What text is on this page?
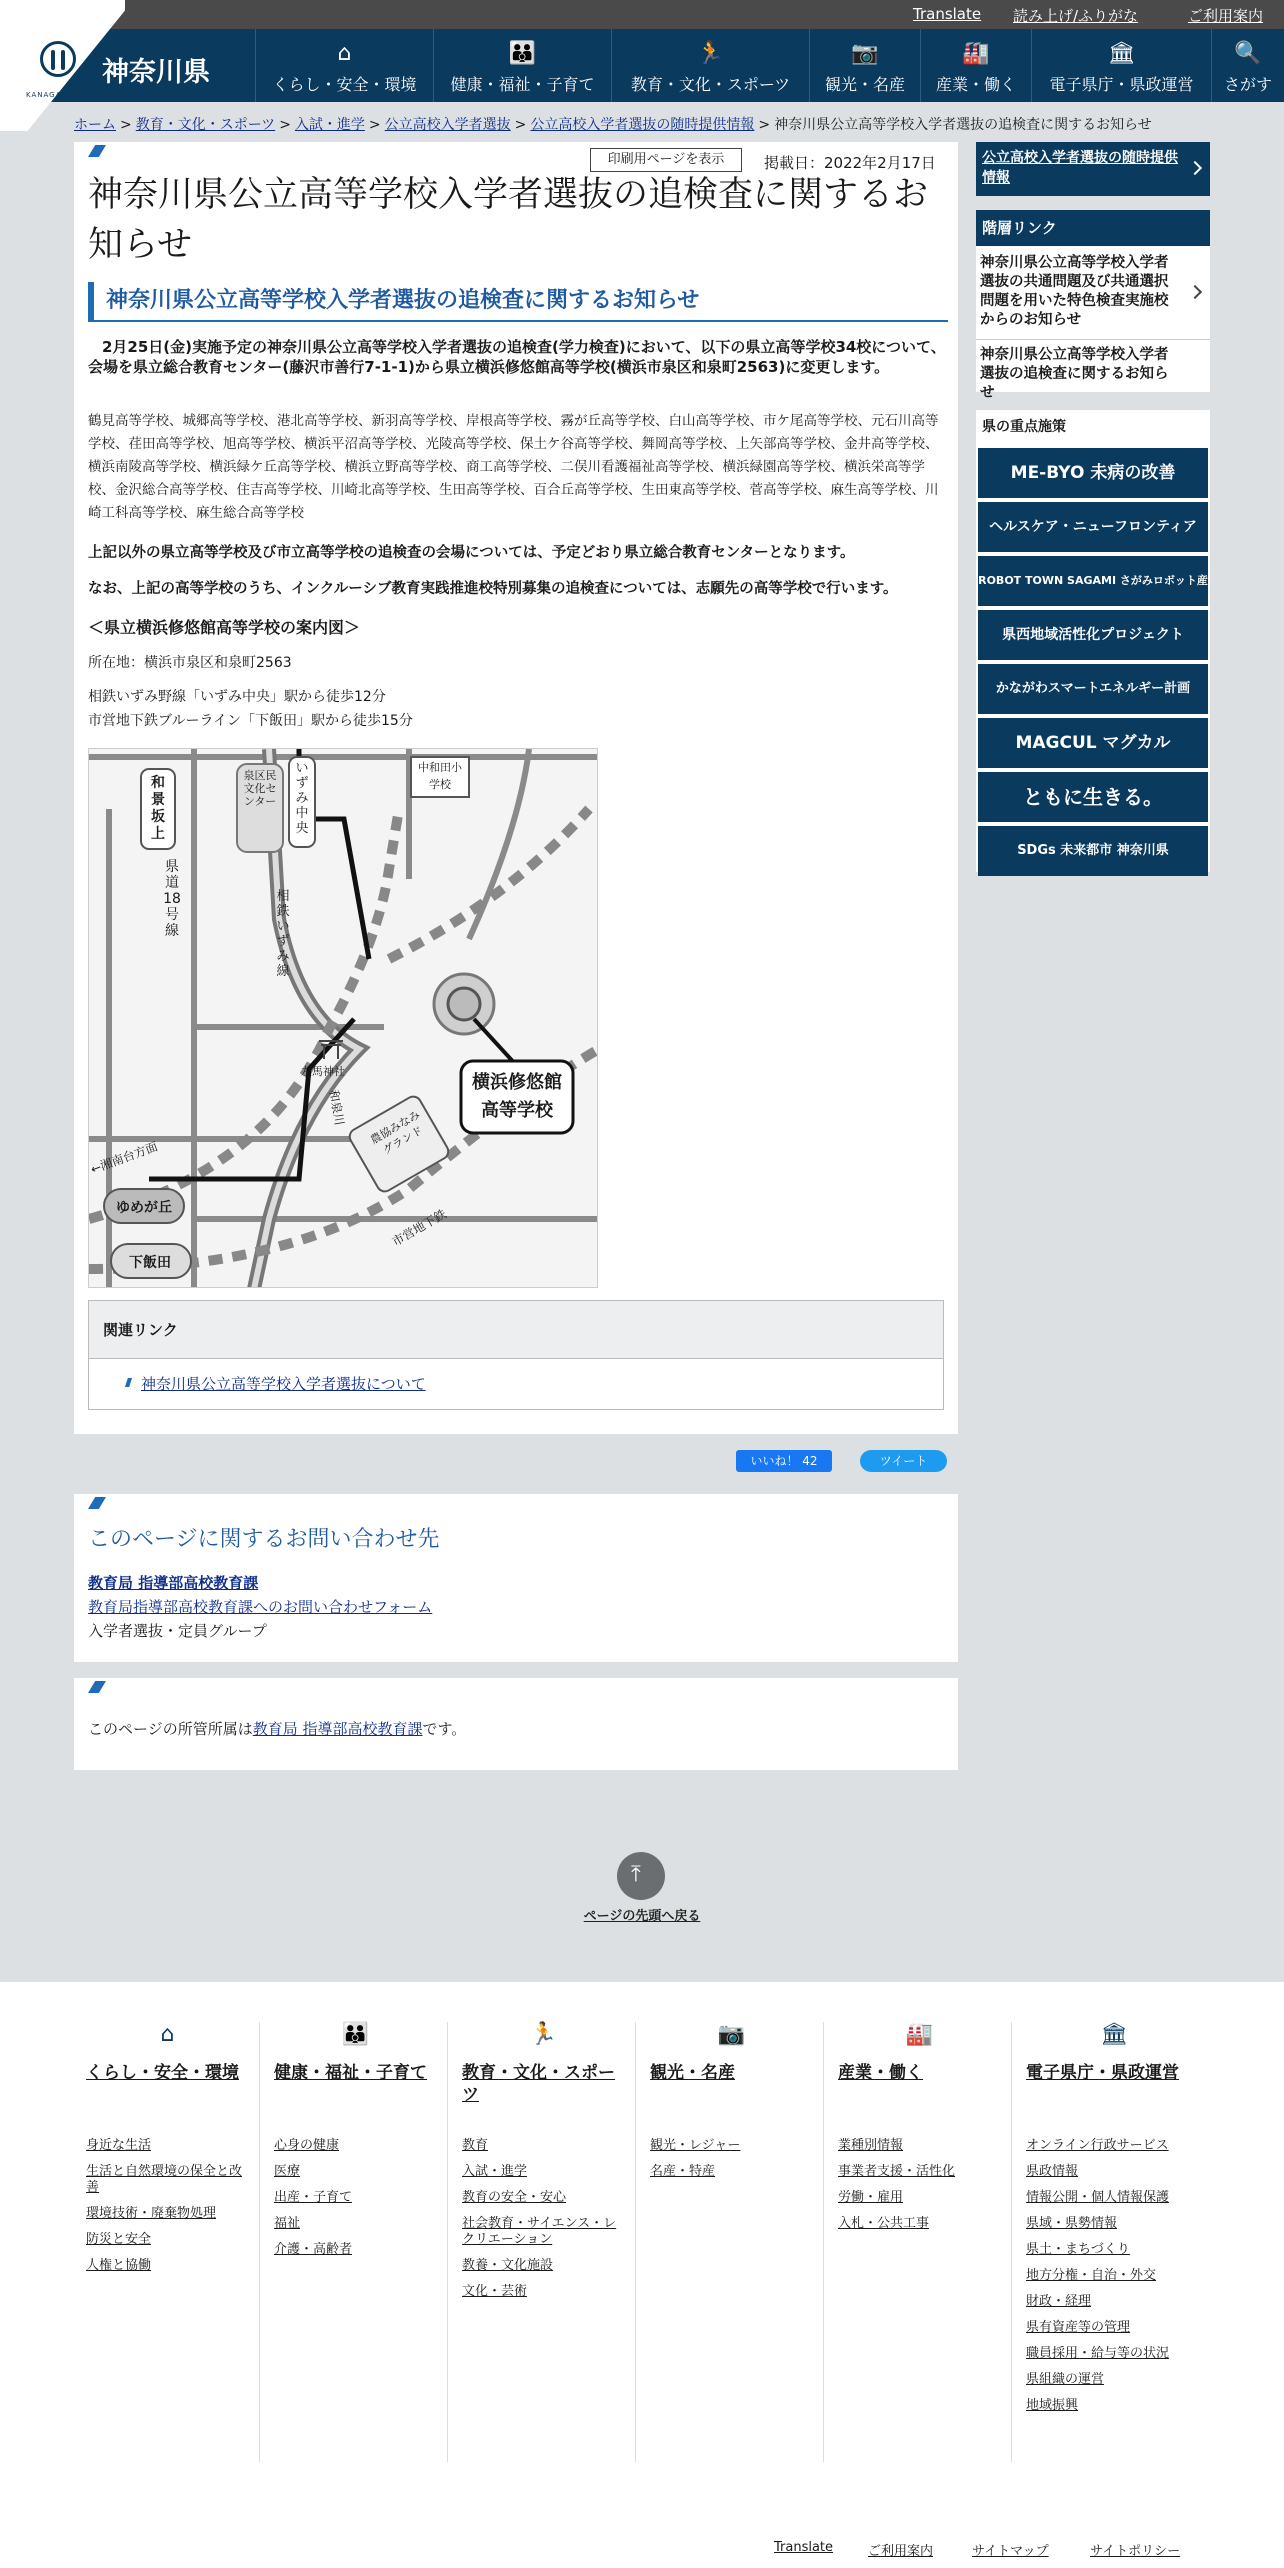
Translate 読み上げ/ふりがな	ご利用案内
KANAGAWA
神奈川県
⌂
くらし・安全・環境
👪
健康・福祉・子育て
🏃
教育・文化・スポーツ
📷
観光・名産
🏭
産業・働く
🏛
電子県庁・県政運営
🔍
さがす
ホーム > 教育・文化・スポーツ > 入試・進学 > 公立高校入学者選抜 > 公立高校入学者選抜の随時提供情報 > 神奈川県公立高等学校入学者選抜の追検査に関するお知らせ
印刷用ページを表示	掲載日：2022年2月17日
神奈川県公立高等学校入学者選抜の追検査に関するお知らせ
神奈川県公立高等学校入学者選抜の追検査に関するお知らせ
2月25日(金)実施予定の神奈川県公立高等学校入学者選抜の追検査(学力検査)において、以下の県立高等学校34校について、会場を県立総合教育センター(藤沢市善行7-1-1)から県立横浜修悠館高等学校(横浜市泉区和泉町2563)に変更します。
鶴見高等学校、城郷高等学校、港北高等学校、新羽高等学校、岸根高等学校、霧が丘高等学校、白山高等学校、市ケ尾高等学校、元石川高等学校、荏田高等学校、旭高等学校、横浜平沼高等学校、光陵高等学校、保土ケ谷高等学校、舞岡高等学校、上矢部高等学校、金井高等学校、横浜南陵高等学校、横浜緑ケ丘高等学校、横浜立野高等学校、商工高等学校、二俣川看護福祉高等学校、横浜緑園高等学校、横浜栄高等学校、金沢総合高等学校、住吉高等学校、川崎北高等学校、生田高等学校、百合丘高等学校、生田東高等学校、菅高等学校、麻生高等学校、川崎工科高等学校、麻生総合高等学校
上記以外の県立高等学校及び市立高等学校の追検査の会場については、予定どおり県立総合教育センターとなります。
なお、上記の高等学校のうち、インクルーシブ教育実践推進校特別募集の追検査については、志願先の高等学校で行います。
＜県立横浜修悠館高等学校の案内図＞
所在地：横浜市泉区和泉町2563
相鉄いずみ野線「いずみ中央」駅から徒歩12分
市営地下鉄ブルーライン「下飯田」駅から徒歩15分
和景坂上
県道18号線
泉区民文化センター
いずみ中央
中和田小学校
相鉄いずみ線
左馬神社
横浜修悠館高等学校
農協みなみグランド
和泉川
←湘南台方面
ゆめが丘
下飯田
市営地下鉄
関連リンク
神奈川県公立高等学校入学者選抜について
いいね！ 42	ツイート
このページに関するお問い合わせ先
教育局 指導部高校教育課
教育局指導部高校教育課へのお問い合わせフォーム
入学者選抜・定員グループ
このページの所管所属は教育局 指導部高校教育課です。
⤒
ページの先頭へ戻る
公立高校入学者選抜の随時提供情報
階層リンク
神奈川県公立高等学校入学者選抜の共通問題及び共通選択問題を用いた特色検査実施校からのお知らせ
神奈川県公立高等学校入学者選抜の追検査に関するお知らせ
県の重点施策
ME-BYO 未病の改善
ヘルスケア・ニューフロンティア
ROBOT TOWN SAGAMI さがみロボット産
県西地域活性化プロジェクト
かながわスマートエネルギー計画
MAGCUL マグカル
ともに生きる。
SDGs 未来都市 神奈川県
⌂
くらし・安全・環境
身近な生活
生活と自然環境の保全と改善
環境技術・廃棄物処理
防災と安全
人権と協働
👪
健康・福祉・子育て
心身の健康
医療
出産・子育て
福祉
介護・高齢者
🏃
教育・文化・スポーツ
教育
入試・進学
教育の安全・安心
社会教育・サイエンス・レクリエーション
教養・文化施設
文化・芸術
📷
観光・名産
観光・レジャー
名産・特産
🏭
産業・働く
業種別情報
事業者支援・活性化
労働・雇用
入札・公共工事
🏛
電子県庁・県政運営
オンライン行政サービス
県政情報
情報公開・個人情報保護
県域・県勢情報
県土・まちづくり
地方分権・自治・外交
財政・経理
県有資産等の管理
職員採用・給与等の状況
県組織の運営
地域振興
Translate	ご利用案内	サイトマップ	サイトポリシー
